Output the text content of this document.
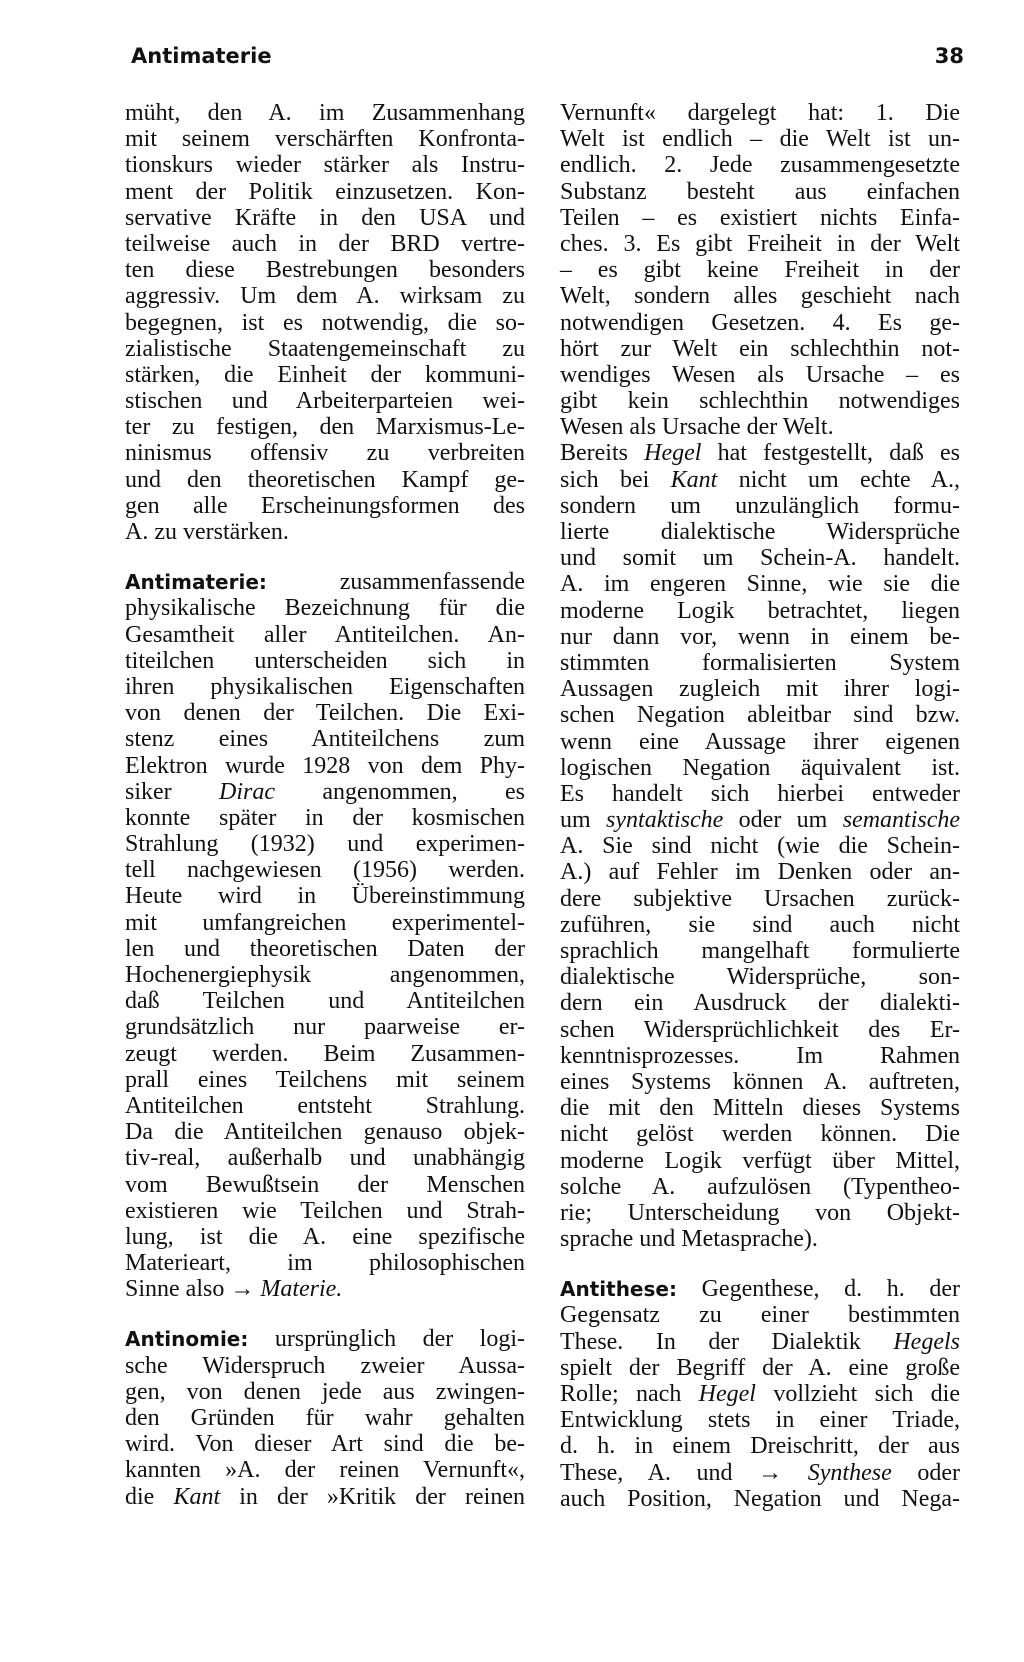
Antimaterie	38
müht, den A. im Zusammenhang
mit seinem verschärften Konfronta-
tionskurs wieder stärker als Instru-
ment der Politik einzusetzen. Kon-
servative Kräfte in den USA und
teilweise auch in der BRD vertre-
ten diese Bestrebungen besonders
aggressiv. Um dem A. wirksam zu
begegnen, ist es notwendig, die so-
zialistische Staatengemeinschaft zu
stärken, die Einheit der kommuni-
stischen und Arbeiterparteien wei-
ter zu festigen, den Marxismus-Le-
ninismus offensiv zu verbreiten
und den theoretischen Kampf ge-
gen alle Erscheinungsformen des
A. zu verstärken.
Antimaterie: zusammenfassende
physikalische Bezeichnung für die
Gesamtheit aller Antiteilchen. An-
titeilchen unterscheiden sich in
ihren physikalischen Eigenschaften
von denen der Teilchen. Die Exi-
stenz eines Antiteilchens zum
Elektron wurde 1928 von dem Phy-
siker Dirac angenommen, es
konnte später in der kosmischen
Strahlung (1932) und experimen-
tell nachgewiesen (1956) werden.
Heute wird in Übereinstimmung
mit umfangreichen experimentel-
len und theoretischen Daten der
Hochenergiephysik angenommen,
daß Teilchen und Antiteilchen
grundsätzlich nur paarweise er-
zeugt werden. Beim Zusammen-
prall eines Teilchens mit seinem
Antiteilchen entsteht Strahlung.
Da die Antiteilchen genauso objek-
tiv-real, außerhalb und unabhängig
vom Bewußtsein der Menschen
existieren wie Teilchen und Strah-
lung, ist die A. eine spezifische
Materieart, im philosophischen
Sinne also → Materie.
Antinomie: ursprünglich der logi-
sche Widerspruch zweier Aussa-
gen, von denen jede aus zwingen-
den Gründen für wahr gehalten
wird. Von dieser Art sind die be-
kannten »A. der reinen Vernunft«,
die Kant in der »Kritik der reinen
Vernunft« dargelegt hat: 1. Die
Welt ist endlich – die Welt ist un-
endlich. 2. Jede zusammengesetzte
Substanz besteht aus einfachen
Teilen – es existiert nichts Einfa-
ches. 3. Es gibt Freiheit in der Welt
– es gibt keine Freiheit in der
Welt, sondern alles geschieht nach
notwendigen Gesetzen. 4. Es ge-
hört zur Welt ein schlechthin not-
wendiges Wesen als Ursache – es
gibt kein schlechthin notwendiges
Wesen als Ursache der Welt.
Bereits Hegel hat festgestellt, daß es
sich bei Kant nicht um echte A.,
sondern um unzulänglich formu-
lierte dialektische Widersprüche
und somit um Schein-A. handelt.
A. im engeren Sinne, wie sie die
moderne Logik betrachtet, liegen
nur dann vor, wenn in einem be-
stimmten formalisierten System
Aussagen zugleich mit ihrer logi-
schen Negation ableitbar sind bzw.
wenn eine Aussage ihrer eigenen
logischen Negation äquivalent ist.
Es handelt sich hierbei entweder
um syntaktische oder um semantische
A. Sie sind nicht (wie die Schein-
A.) auf Fehler im Denken oder an-
dere subjektive Ursachen zurück-
zuführen, sie sind auch nicht
sprachlich mangelhaft formulierte
dialektische Widersprüche, son-
dern ein Ausdruck der dialekti-
schen Widersprüchlichkeit des Er-
kenntnisprozesses. Im Rahmen
eines Systems können A. auftreten,
die mit den Mitteln dieses Systems
nicht gelöst werden können. Die
moderne Logik verfügt über Mittel,
solche A. aufzulösen (Typentheo-
rie; Unterscheidung von Objekt-
sprache und Metasprache).
Antithese: Gegenthese, d. h. der
Gegensatz zu einer bestimmten
These. In der Dialektik Hegels
spielt der Begriff der A. eine große
Rolle; nach Hegel vollzieht sich die
Entwicklung stets in einer Triade,
d. h. in einem Dreischritt, der aus
These, A. und → Synthese oder
auch Position, Negation und Nega-
